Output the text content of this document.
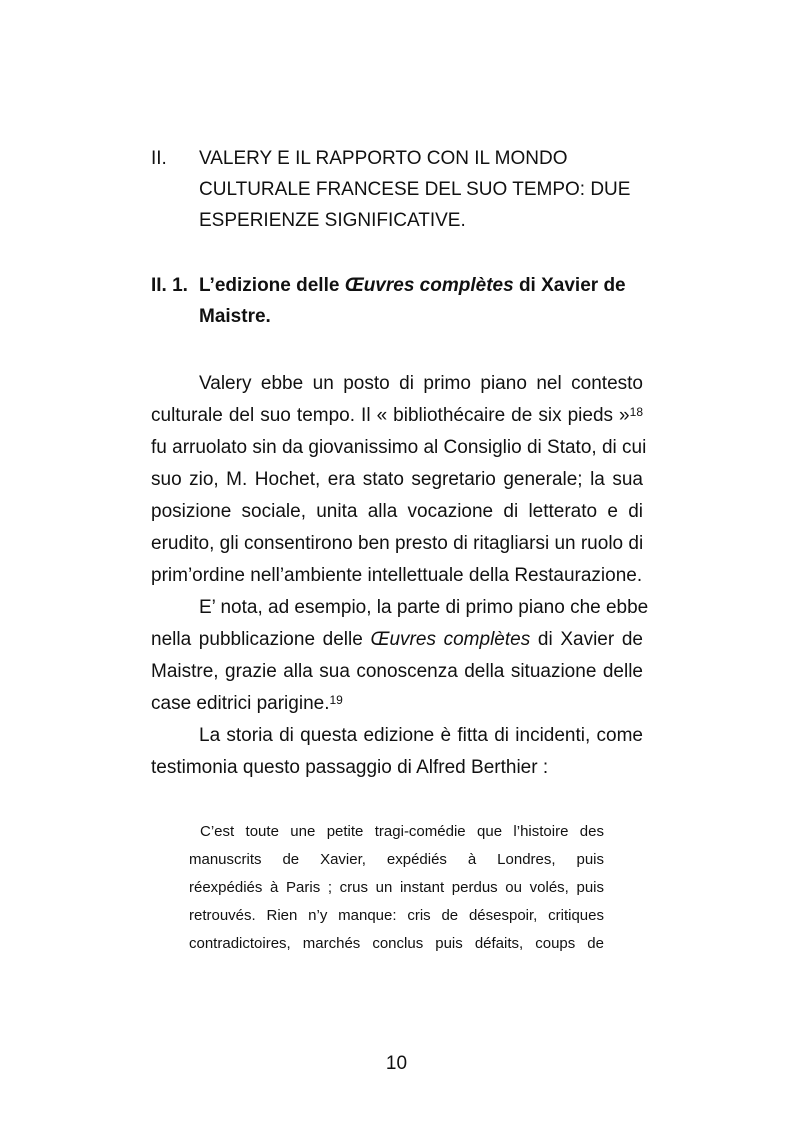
II. VALERY E IL RAPPORTO CON IL MONDO
CULTURALE FRANCESE DEL SUO TEMPO: DUE
ESPERIENZE SIGNIFICATIVE.
II. 1. L’edizione delle Œuvres complètes di Xavier de
Maistre.
Valery ebbe un posto di primo piano nel contesto
culturale del suo tempo. Il « bibliothécaire de six pieds »$^{18}$
fu arruolato sin da giovanissimo al Consiglio di Stato, di cui
suo zio, M. Hochet, era stato segretario generale; la sua
posizione sociale, unita alla vocazione di letterato e di
erudito, gli consentirono ben presto di ritagliarsi un ruolo di
prim’ordine nell’ambiente intellettuale della Restaurazione.
E’ nota, ad esempio, la parte di primo piano che ebbe
nella pubblicazione delle Œuvres complètes di Xavier de
Maistre, grazie alla sua conoscenza della situazione delle
case editrici parigine.$^{19}$
La storia di questa edizione è fitta di incidenti, come
testimonia questo passaggio di Alfred Berthier :
C’est toute une petite tragi-comédie que l’histoire des
manuscrits de Xavier, expédiés à Londres, puis
réexpédiés à Paris ; crus un instant perdus ou volés, puis
retrouvés. Rien n’y manque: cris de désespoir, critiques
contradictoires, marchés conclus puis défaits, coups de
10
